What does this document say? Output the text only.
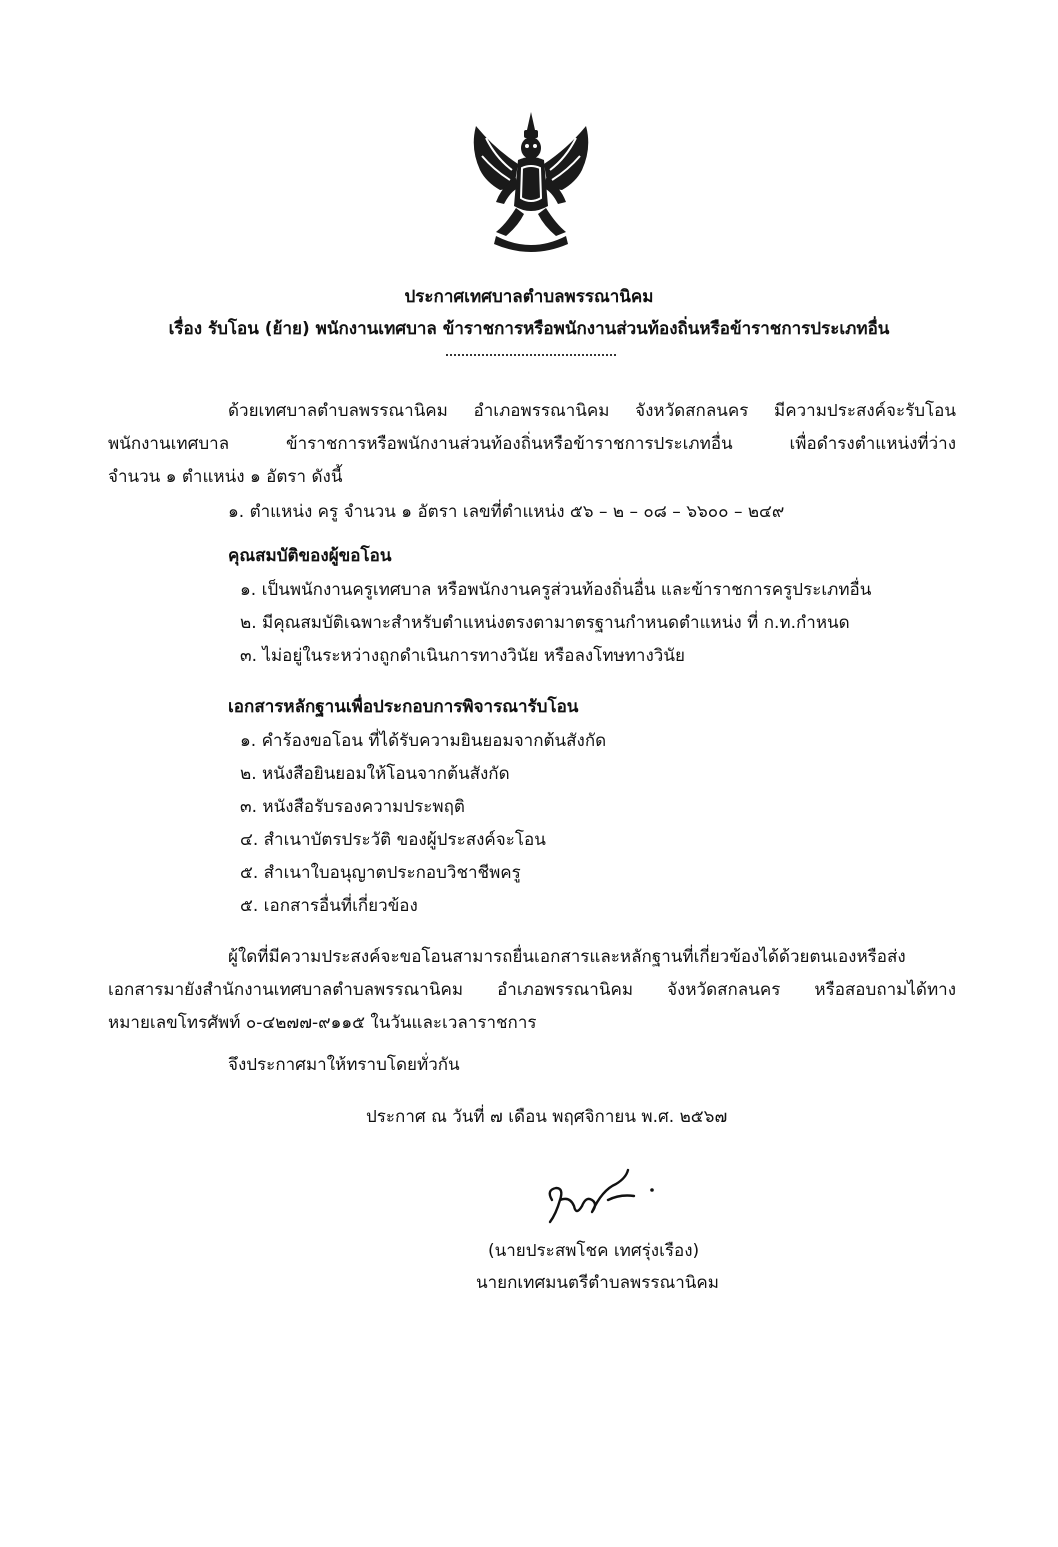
ประกาศเทศบาลตำบลพรรณานิคม
เรื่อง รับโอน (ย้าย) พนักงานเทศบาล ข้าราชการหรือพนักงานส่วนท้องถิ่นหรือข้าราชการประเภทอื่น
ด้วยเทศบาลตำบลพรรณานิคม อำเภอพรรณานิคม จังหวัดสกลนคร มีความประสงค์จะรับโอน
พนักงานเทศบาล ข้าราชการหรือพนักงานส่วนท้องถิ่นหรือข้าราชการประเภทอื่น เพื่อดำรงตำแหน่งที่ว่าง
จำนวน ๑ ตำแหน่ง ๑ อัตรา ดังนี้
๑. ตำแหน่ง ครู จำนวน ๑ อัตรา เลขที่ตำแหน่ง ๕๖ – ๒ – ๐๘ – ๖๖๐๐ – ๒๔๙
คุณสมบัติของผู้ขอโอน
๑. เป็นพนักงานครูเทศบาล หรือพนักงานครูส่วนท้องถิ่นอื่น และข้าราชการครูประเภทอื่น
๒. มีคุณสมบัติเฉพาะสำหรับตำแหน่งตรงตามาตรฐานกำหนดตำแหน่ง ที่ ก.ท.กำหนด
๓. ไม่อยู่ในระหว่างถูกดำเนินการทางวินัย หรือลงโทษทางวินัย
เอกสารหลักฐานเพื่อประกอบการพิจารณารับโอน
๑. คำร้องขอโอน ที่ได้รับความยินยอมจากต้นสังกัด
๒. หนังสือยินยอมให้โอนจากต้นสังกัด
๓. หนังสือรับรองความประพฤติ
๔. สำเนาบัตรประวัติ ของผู้ประสงค์จะโอน
๕. สำเนาใบอนุญาตประกอบวิชาชีพครู
๕. เอกสารอื่นที่เกี่ยวข้อง
ผู้ใดที่มีความประสงค์จะขอโอนสามารถยื่นเอกสารและหลักฐานที่เกี่ยวข้องได้ด้วยตนเองหรือส่ง
เอกสารมายังสำนักงานเทศบาลตำบลพรรณานิคม อำเภอพรรณานิคม จังหวัดสกลนคร หรือสอบถามได้ทาง
หมายเลขโทรศัพท์ ๐-๔๒๗๗-๙๑๑๕ ในวันและเวลาราชการ
จึงประกาศมาให้ทราบโดยทั่วกัน
ประกาศ ณ วันที่ ๗ เดือน พฤศจิกายน พ.ศ. ๒๕๖๗
(นายประสพโชค เทศรุ่งเรือง)
นายกเทศมนตรีตำบลพรรณานิคม
